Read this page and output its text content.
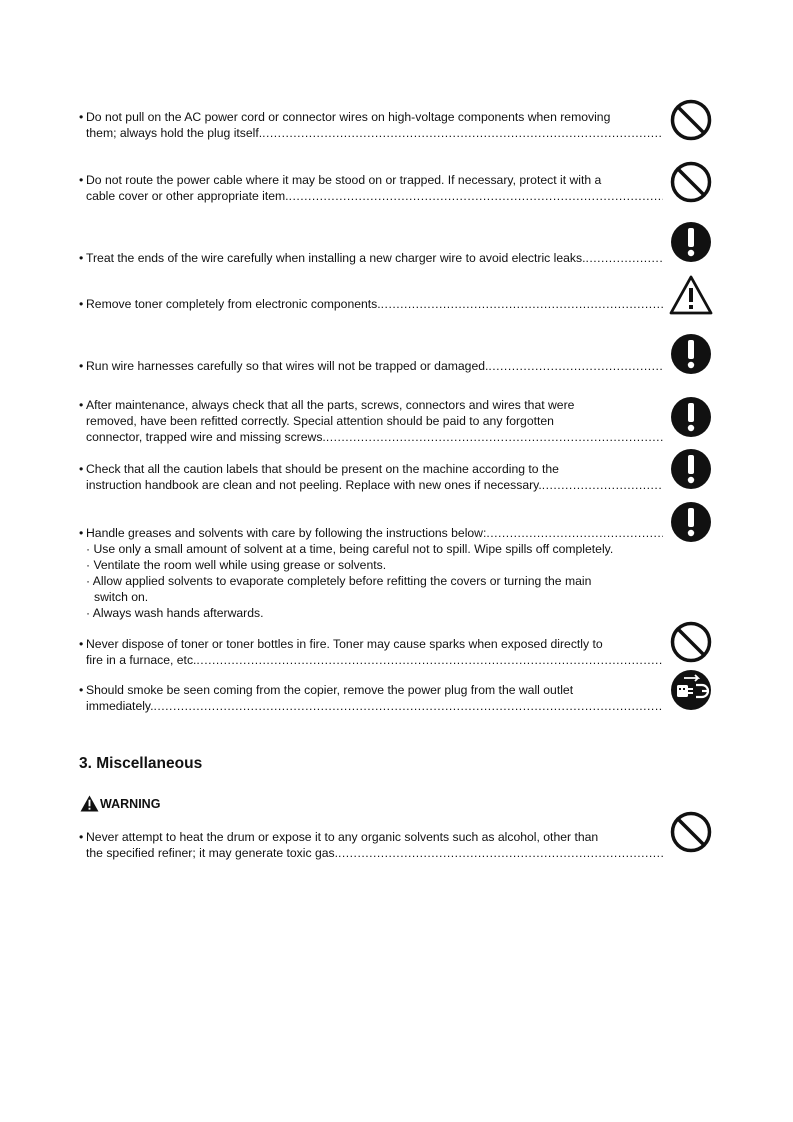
• Do not pull on the AC power cord or connector wires on high-voltage components when removing
them; always hold the plug itself.
.....
• Do not route the power cable where it may be stood on or trapped. If necessary, protect it with a
cable cover or other appropriate item.
.....
• Treat the ends of the wire carefully when installing a new charger wire to avoid electric leaks.
.....
• Remove toner completely from electronic components.
.....
• Run wire harnesses carefully so that wires will not be trapped or damaged.
.....
• After maintenance, always check that all the parts, screws, connectors and wires that were
removed, have been refitted correctly. Special attention should be paid to any forgotten
connector, trapped wire and missing screws.
.....
• Check that all the caution labels that should be present on the machine according to the
instruction handbook are clean and not peeling. Replace with new ones if necessary.
.....
• Handle greases and solvents with care by following the instructions below:
.....
· Use only a small amount of solvent at a time, being careful not to spill. Wipe spills off completely.
· Ventilate the room well while using grease or solvents.
· Allow applied solvents to evaporate completely before refitting the covers or turning the main
switch on.
· Always wash hands afterwards.
• Never dispose of toner or toner bottles in fire. Toner may cause sparks when exposed directly to
fire in a furnace, etc.
.....
• Should smoke be seen coming from the copier, remove the power plug from the wall outlet
immediately.
.....
3. Miscellaneous
WARNING
• Never attempt to heat the drum or expose it to any organic solvents such as alcohol, other than
the specified refiner; it may generate toxic gas.
.....
